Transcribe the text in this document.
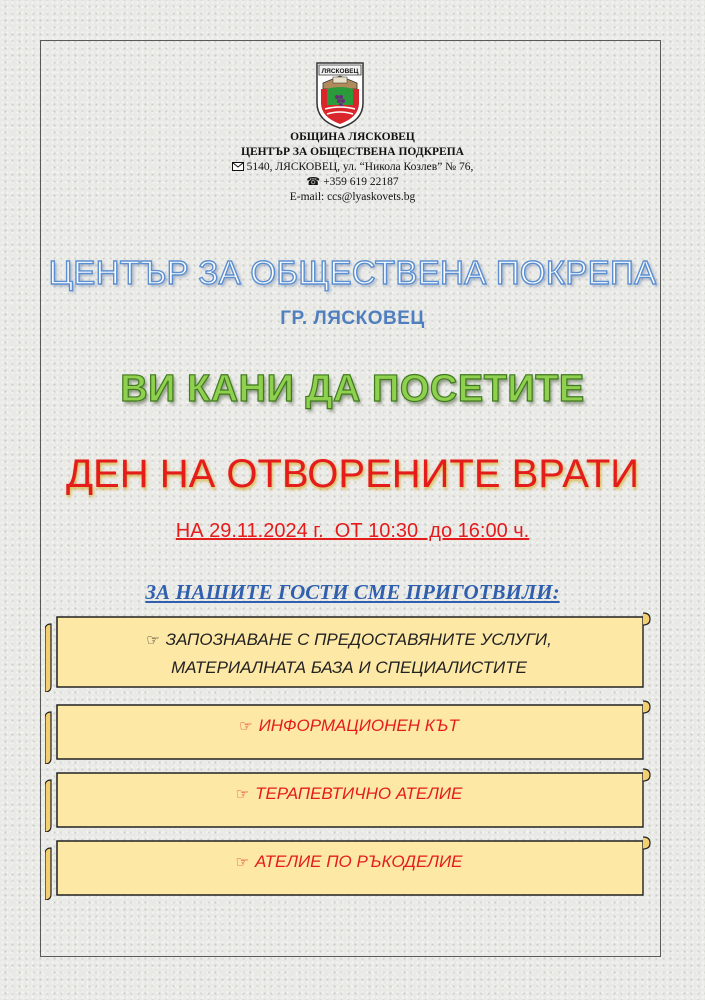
ЛЯСКОВЕЦ
ОБЩИНА ЛЯСКОВЕЦ
ЦЕНТЪР ЗА ОБЩЕСТВЕНА ПОДКРЕПА
5140, ЛЯСКОВЕЦ, ул. “Никола Козлев” № 76,
☎ +359 619 22187
E-mail: ccs@lyaskovets.bg
ЦЕНТЪР ЗА ОБЩЕСТВЕНА ПОКРЕПА
ГР. ЛЯСКОВЕЦ
ВИ КАНИ ДА ПОСЕТИТЕ
ДЕН НА ОТВОРЕНИТЕ ВРАТИ
НА 29.11.2024 г.  ОТ 10:30  до 16:00 ч.
ЗА НАШИТЕ ГОСТИ СМЕ ПРИГОТВИЛИ:
☞ ЗАПОЗНАВАНЕ С ПРЕДОСТАВЯНИТЕ УСЛУГИ,
МАТЕРИАЛНАТА БАЗА И СПЕЦИАЛИСТИТЕ
☞ ИНФОРМАЦИОНЕН КЪТ
☞ ТЕРАПЕВТИЧНО АТЕЛИЕ
☞ АТЕЛИЕ ПО РЪКОДЕЛИЕ
